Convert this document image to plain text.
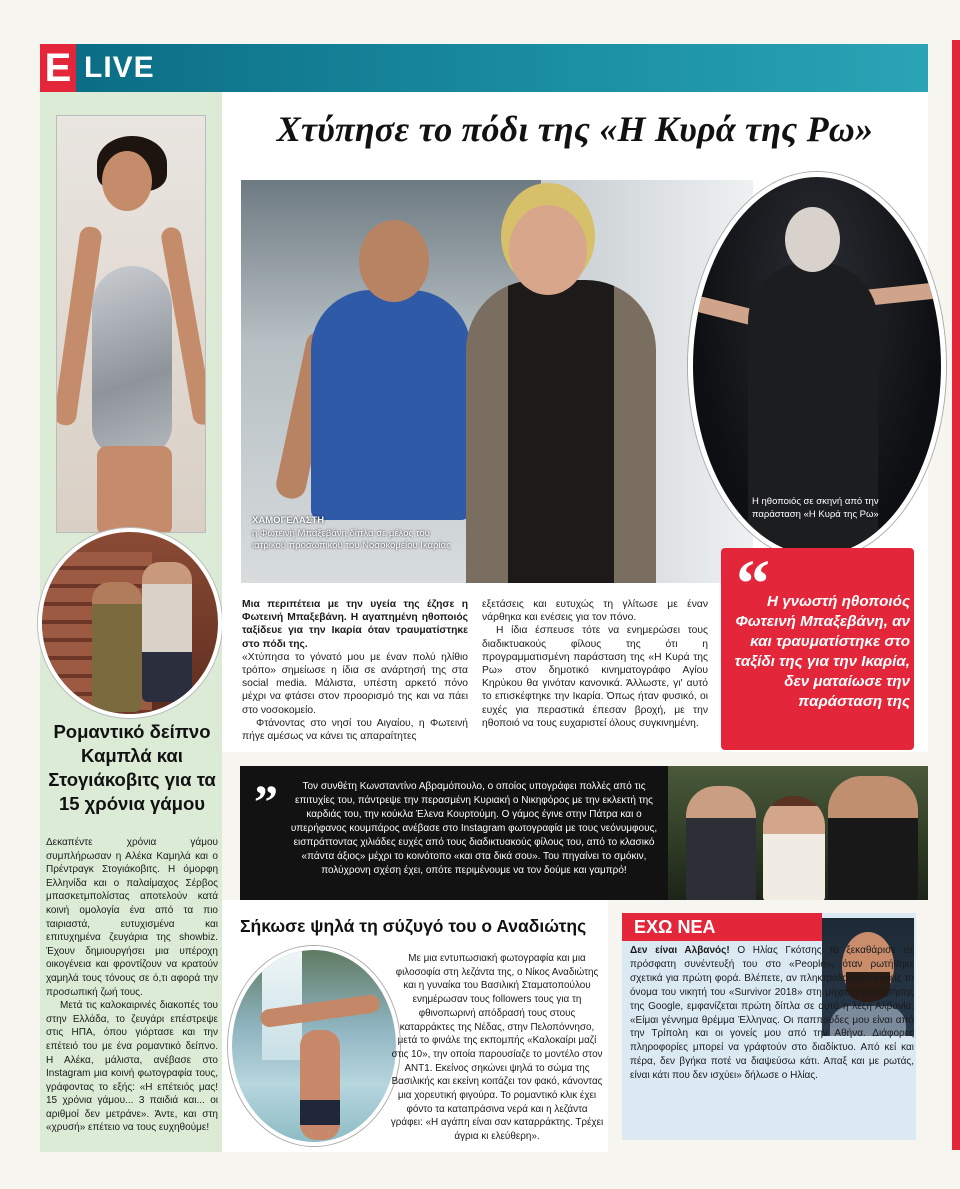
E LIVE
Ρομαντικό δείπνο Καμπλά και Στογιάκοβιτς για τα 15 χρόνια γάμου

Δεκαπέντε χρόνια γάμου συμπλήρωσαν η Αλέκα Καμηλά και ο Πρέντραγκ Στογιάκοβιτς. Η όμορφη Ελληνίδα και ο παλαίμαχος Σέρβος μπασκετμπολίστας αποτελούν κατά κοινή ομολογία ένα από τα πιο ταιριαστά, ευτυχισμένα και επιτυχημένα ζευγάρια της showbiz. Έχουν δημιουργήσει μια υπέροχη οικογένεια και φροντίζουν να κρατούν χαμηλά τους τόνους σε ό,τι αφορά την προσωπική ζωή τους.

Μετά τις καλοκαιρινές διακοπές του στην Ελλάδα, το ζευγάρι επέστρεψε στις ΗΠΑ, όπου γιόρτασε και την επέτειό του με ένα ρομαντικό δείπνο. Η Αλέκα, μάλιστα, ανέβασε στο Instagram μια κοινή φωτογραφία τους, γράφοντας το εξής: «Η επέτειός μας! 15 χρόνια γάμου... 3 παιδιά και... οι αριθμοί δεν μετράνε». Άντε, και στη «χρυσή» επέτειο να τους ευχηθούμε!

Χτύπησε το πόδι της «Η Κυρά της Ρω»
ΧΑΜΟΓΕΛΑΣΤΗ
η Φωτεινή Μπαξεβάνη δίπλα σε μέλος του ιατρικού προσωπικού του Νοσοκομείου Ικαρίας
Η ηθοποιός σε σκηνή από την παράσταση «Η Κυρά της Ρω»

Μια περιπέτεια με την υγεία της έζησε η Φωτεινή Μπαξεβάνη. Η αγαπημένη ηθοποιός ταξίδευε για την Ικαρία όταν τραυματίστηκε στο πόδι της.

«Χτύπησα το γόνατό μου με έναν πολύ ηλίθιο τρόπο» σημείωσε η ίδια σε ανάρτησή της στα social media. Μάλιστα, υπέστη αρκετό πόνο μέχρι να φτάσει στον προορισμό της και να πάει στο νοσοκομείο.

Φτάνοντας στο νησί του Αιγαίου, η Φωτεινή πήγε αμέσως να κάνει τις απαραίτητες

εξετάσεις και ευτυχώς τη γλίτωσε με έναν νάρθηκα και ενέσεις για τον πόνο.

Η ίδια έσπευσε τότε να ενημερώσει τους διαδικτυακούς φίλους της ότι η προγραμματισμένη παράσταση της «Η Κυρά της Ρω» στον δημοτικό κινηματογράφο Αγίου Κηρύκου θα γινόταν κανονικά. Άλλωστε, γι' αυτό το επισκέφτηκε την Ικαρία. Όπως ήταν φυσικό, οι ευχές για περαστικά έπεσαν βροχή, με την ηθοποιό να τους ευχαριστεί όλους συγκινημένη.

“
Η γνωστή ηθοποιός Φωτεινή Μπαξεβάνη, αν και τραυματίστηκε στο ταξίδι της για την Ικαρία, δεν ματαίωσε την παράσταση της
”	Τον συνθέτη Κωνσταντίνο Αβραμόπουλο, ο οποίος υπογράφει πολλές από τις επιτυχίες του, πάντρεψε την περασμένη Κυριακή ο Νικηφόρος με την εκλεκτή της καρδιάς του, την κούκλα Έλενα Κουρτούμη. Ο γάμος έγινε στην Πάτρα και ο υπερήφανος κουμπάρος ανέβασε στο Instagram φωτογραφία με τους νεόνυμφους, εισπράττοντας χιλιάδες ευχές από τους διαδικτυακούς φίλους του, από το κλασικό «πάντα άξιος» μέχρι το κοινότοπο «και στα δικά σου». Του πηγαίνει το σμόκιν, πολύχρονη σχέση έχει, οπότε περιμένουμε να τον δούμε και γαμπρό!
Σήκωσε ψηλά τη σύζυγό του ο Αναδιώτης
Με μια εντυπωσιακή φωτογραφία και μια φιλοσοφία στη λεζάντα της, ο Νίκος Αναδιώτης και η γυναίκα του Βασιλική Σταματοπούλου ενημέρωσαν τους followers τους για τη φθινοπωρινή απόδρασή τους στους καταρράκτες της Νέδας, στην Πελοπόννησο, μετά το φινάλε της εκπομπής «Καλοκαίρι μαζί στις 10», την οποία παρουσίαζε το μοντέλο στον ΑΝΤ1. Εκείνος σηκώνει ψηλά το σώμα της Βασιλικής και εκείνη κοιτάζει τον φακό, κάνοντας μια χορευτική φιγούρα. Το ρομαντικό κλικ έχει φόντο τα καταπράσινα νερά και η λεζάντα γράφει: «Η αγάπη είναι σαν καταρράκτης. Τρέχει άγρια κι ελεύθερη».
ΕΧΩ ΝΕΑ
Δεν είναι Αλβανός! Ο Ηλίας Γκότσης το ξεκαθάρισε σε πρόσφατη συνέντευξή του στο «People», όταν ρωτήθηκε σχετικά για πρώτη φορά. Βλέπετε, αν πληκτρολογήσει κανείς το όνομα του νικητή του «Survivor 2018» στη μηχανή αναζήτησης της Google, εμφανίζεται πρώτη δίπλα σε αυτό η λέξη Αλβανία. «Είμαι γέννημα θρέμμα Έλληνας. Οι παππούδες μου είναι από την Τρίπολη και οι γονείς μου από την Αθήνα. Διάφορες πληροφορίες μπορεί να γράφτούν στο διαδίκτυο. Από κεί και πέρα, δεν βγήκα ποτέ να διαψεύσω κάτι. Απαξ και με ρωτάς, είναι κάτι που δεν ισχύει» δήλωσε ο Ηλίας.
